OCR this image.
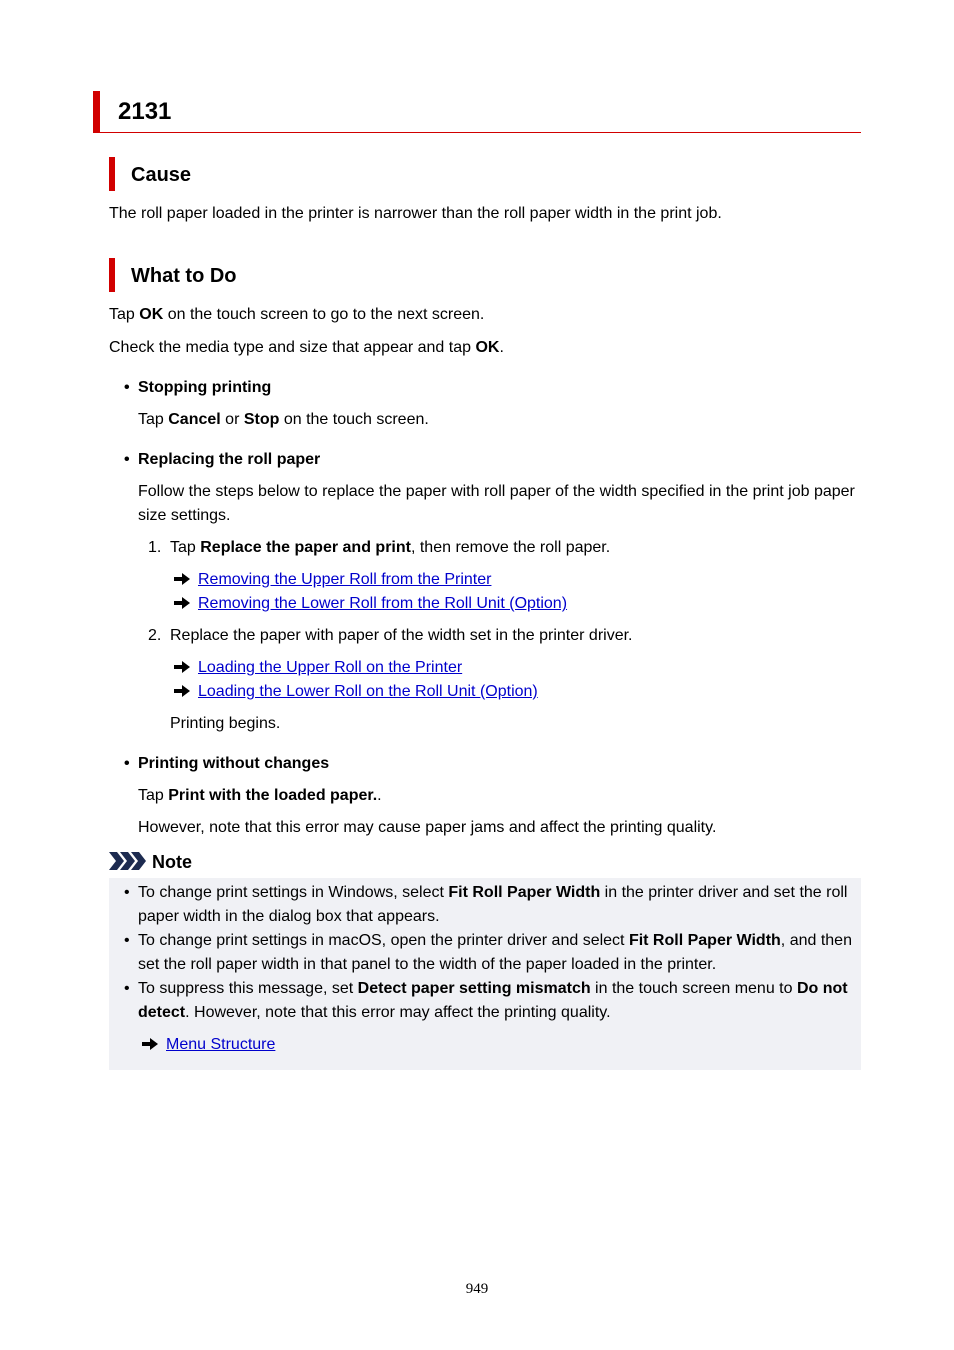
2131
Cause
The roll paper loaded in the printer is narrower than the roll paper width in the print job.
What to Do
Tap OK on the touch screen to go to the next screen.
Check the media type and size that appear and tap OK.
• Stopping printing
Tap Cancel or Stop on the touch screen.
• Replacing the roll paper
Follow the steps below to replace the paper with roll paper of the width specified in the print job paper
size settings.
1. Tap Replace the paper and print, then remove the roll paper.
Removing the Upper Roll from the Printer
Removing the Lower Roll from the Roll Unit (Option)
2. Replace the paper with paper of the width set in the printer driver.
Loading the Upper Roll on the Printer
Loading the Lower Roll on the Roll Unit (Option)
Printing begins.
• Printing without changes
Tap Print with the loaded paper..
However, note that this error may cause paper jams and affect the printing quality.
Note
• To change print settings in Windows, select Fit Roll Paper Width in the printer driver and set the roll
paper width in the dialog box that appears.
• To change print settings in macOS, open the printer driver and select Fit Roll Paper Width, and then
set the roll paper width in that panel to the width of the paper loaded in the printer.
• To suppress this message, set Detect paper setting mismatch in the touch screen menu to Do not
detect. However, note that this error may affect the printing quality.
Menu Structure
949
